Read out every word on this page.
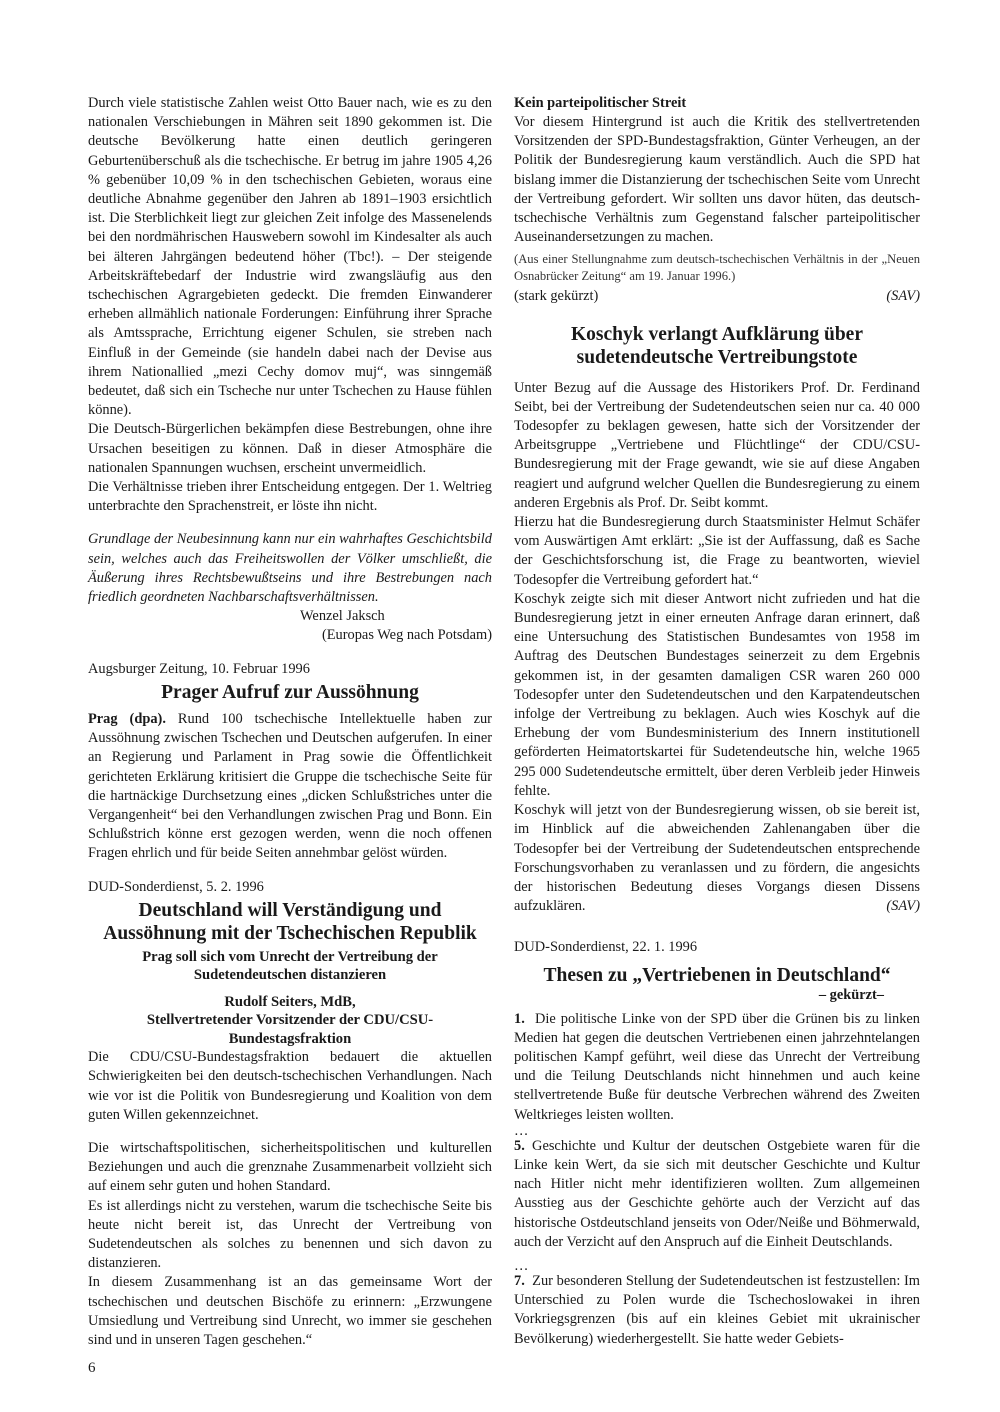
Durch viele statistische Zahlen weist Otto Bauer nach, wie es zu den nationalen Verschiebungen in Mähren seit 1890 gekommen ist. Die deutsche Bevölkerung hatte einen deutlich geringeren Geburtenüberschuß als die tschechische. Er betrug im jahre 1905 4,26 % gebenüber 10,09 % in den tschechischen Gebieten, woraus eine deutliche Abnahme gegenüber den Jahren ab 1891–1903 ersichtlich ist. Die Sterblichkeit liegt zur gleichen Zeit infolge des Massenelends bei den nordmährischen Hauswebern sowohl im Kindesalter als auch bei älteren Jahrgängen bedeutend höher (Tbc!). – Der steigende Arbeitskräftebedarf der Industrie wird zwangsläufig aus den tschechischen Agrargebieten gedeckt. Die fremden Einwanderer erheben allmählich nationale Forderungen: Einführung ihrer Sprache als Amtssprache, Errichtung eigener Schulen, sie streben nach Einfluß in der Gemeinde (sie handeln dabei nach der Devise aus ihrem Nationallied „mezi Cechy domov muj“, was sinngemäß bedeutet, daß sich ein Tscheche nur unter Tschechen zu Hause fühlen könne).

Die Deutsch-Bürgerlichen bekämpfen diese Bestrebungen, ohne ihre Ursachen beseitigen zu können. Daß in dieser Atmosphäre die nationalen Spannungen wuchsen, erscheint unvermeidlich.

Die Verhältnisse trieben ihrer Entscheidung entgegen. Der 1. Weltrieg unterbrachte den Sprachenstreit, er löste ihn nicht.

Grundlage der Neubesinnung kann nur ein wahrhaftes Geschichtsbild sein, welches auch das Freiheitswollen der Völker umschließt, die Äußerung ihres Rechtsbewußtseins und ihre Bestrebungen nach friedlich geordneten Nachbarschaftsverhältnissen.

Wenzel Jaksch
(Europas Weg nach Potsdam)

Augsburger Zeitung, 10. Februar 1996

Prager Aufruf zur Aussöhnung

Prag (dpa). Rund 100 tschechische Intellektuelle haben zur Aussöhnung zwischen Tschechen und Deutschen aufgerufen. In einer an Regierung und Parlament in Prag sowie die Öffentlichkeit gerichteten Erklärung kritisiert die Gruppe die tschechische Seite für die hartnäckige Durchsetzung eines „dicken Schlußstriches unter die Vergangenheit“ bei den Verhandlungen zwischen Prag und Bonn. Ein Schlußstrich könne erst gezogen werden, wenn die noch offenen Fragen ehrlich und für beide Seiten annehmbar gelöst würden.

DUD-Sonderdienst, 5. 2. 1996

Deutschland will Verständigung und Aussöhnung mit der Tschechischen Republik
Prag soll sich vom Unrecht der Vertreibung der Sudetendeutschen distanzieren
Rudolf Seiters, MdB,
Stellvertretender Vorsitzender der CDU/CSU-Bundestagsfraktion

Die CDU/CSU-Bundestagsfraktion bedauert die aktuellen Schwierigkeiten bei den deutsch-tschechischen Verhandlungen. Nach wie vor ist die Politik von Bundesregierung und Koalition von dem guten Willen gekennzeichnet.

Die wirtschaftspolitischen, sicherheitspolitischen und kulturellen Beziehungen und auch die grenznahe Zusammenarbeit vollzieht sich auf einem sehr guten und hohen Standard.

Es ist allerdings nicht zu verstehen, warum die tschechische Seite bis heute nicht bereit ist, das Unrecht der Vertreibung von Sudetendeutschen als solches zu benennen und sich davon zu distanzieren.

In diesem Zusammenhang ist an das gemeinsame Wort der tschechischen und deutschen Bischöfe zu erinnern: „Erzwungene Umsiedlung und Vertreibung sind Unrecht, wo immer sie geschehen sind und in unseren Tagen geschehen.“

Kein parteipolitischer Streit

Vor diesem Hintergrund ist auch die Kritik des stellvertretenden Vorsitzenden der SPD-Bundestagsfraktion, Günter Verheugen, an der Politik der Bundesregierung kaum verständlich. Auch die SPD hat bislang immer die Distanzierung der tschechischen Seite vom Unrecht der Vertreibung gefordert. Wir sollten uns davor hüten, das deutsch-tschechische Verhältnis zum Gegenstand falscher parteipolitischer Auseinandersetzungen zu machen.

(Aus einer Stellungnahme zum deutsch-tschechischen Verhältnis in der „Neuen Osnabrücker Zeitung“ am 19. Januar 1996.)

(stark gekürzt)	(SAV)
Koschyk verlangt Aufklärung über sudetendeutsche Vertreibungstote

Unter Bezug auf die Aussage des Historikers Prof. Dr. Ferdinand Seibt, bei der Vertreibung der Sudetendeutschen seien nur ca. 40 000 Todesopfer zu beklagen gewesen, hatte sich der Vorsitzender der Arbeitsgruppe „Vertriebene und Flüchtlinge“ der CDU/CSU-Bundesregierung mit der Frage gewandt, wie sie auf diese Angaben reagiert und aufgrund welcher Quellen die Bundesregierung zu einem anderen Ergebnis als Prof. Dr. Seibt kommt.

Hierzu hat die Bundesregierung durch Staatsminister Helmut Schäfer vom Auswärtigen Amt erklärt: „Sie ist der Auffassung, daß es Sache der Geschichtsforschung ist, die Frage zu beantworten, wieviel Todesopfer die Vertreibung gefordert hat.“

Koschyk zeigte sich mit dieser Antwort nicht zufrieden und hat die Bundesregierung jetzt in einer erneuten Anfrage daran erinnert, daß eine Untersuchung des Statistischen Bundesamtes von 1958 im Auftrag des Deutschen Bundestages seinerzeit zu dem Ergebnis gekommen ist, in der gesamten damaligen CSR waren 260 000 Todesopfer unter den Sudetendeutschen und den Karpatendeutschen infolge der Vertreibung zu beklagen. Auch wies Koschyk auf die Erhebung der vom Bundesministerium des Innern institutionell geförderten Heimatortskartei für Sudetendeutsche hin, welche 1965 295 000 Sudetendeutsche ermittelt, über deren Verbleib jeder Hinweis fehlte.

Koschyk will jetzt von der Bundesregierung wissen, ob sie bereit ist, im Hinblick auf die abweichenden Zahlenangaben über die Todesopfer bei der Vertreibung der Sudetendeutschen entsprechende Forschungsvorhaben zu veranlassen und zu fördern, die angesichts der historischen Bedeutung dieses Vorgangs diesen Dissens aufzuklären.	(SAV)

DUD-Sonderdienst, 22. 1. 1996

Thesen zu „Vertriebenen in Deutschland“
– gekürzt–

1. Die politische Linke von der SPD über die Grünen bis zu linken Medien hat gegen die deutschen Vertriebenen einen jahrzehntelangen politischen Kampf geführt, weil diese das Unrecht der Vertreibung und die Teilung Deutschlands nicht hinnehmen und auch keine stellvertretende Buße für deutsche Verbrechen während des Zweiten Weltkrieges leisten wollten.

…

5. Geschichte und Kultur der deutschen Ostgebiete waren für die Linke kein Wert, da sie sich mit deutscher Geschichte und Kultur nach Hitler nicht mehr identifizieren wollten. Zum allgemeinen Ausstieg aus der Geschichte gehörte auch der Verzicht auf das historische Ostdeutschland jenseits von Oder/Neiße und Böhmerwald, auch der Verzicht auf den Anspruch auf die Einheit Deutschlands.

…

7. Zur besonderen Stellung der Sudetendeutschen ist festzustellen: Im Unterschied zu Polen wurde die Tschechoslowakei in ihren Vorkriegsgrenzen (bis auf ein kleines Gebiet mit ukrainischer Bevölkerung) wiederhergestellt. Sie hatte weder Gebiets-

6
